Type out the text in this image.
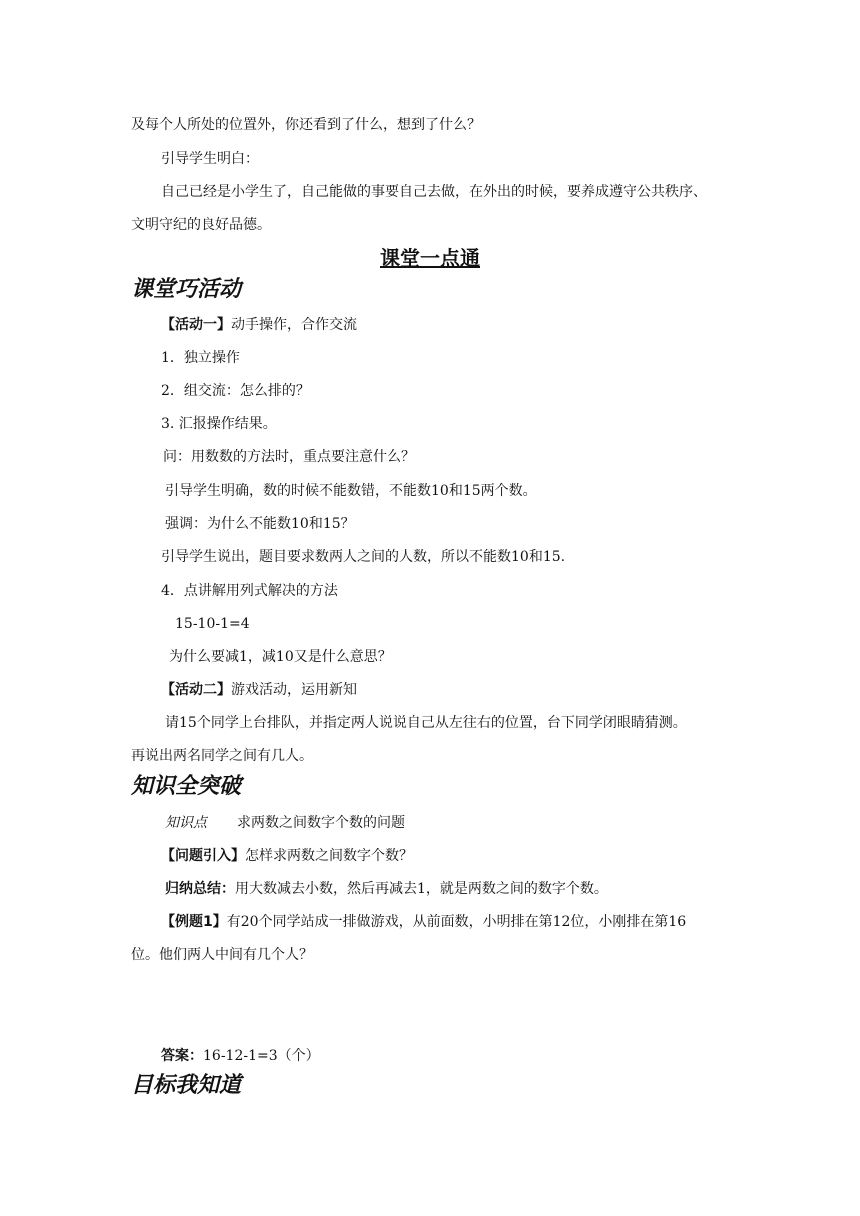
及每个人所处的位置外，你还看到了什么，想到了什么？
引导学生明白：
自己已经是小学生了，自己能做的事要自己去做，在外出的时候，要养成遵守公共秩序、
文明守纪的良好品德。
课堂一点通
课堂巧活动
【活动一】动手操作，合作交流
1．独立操作
2．组交流：怎么排的？
3. 汇报操作结果。
问：用数数的方法时，重点要注意什么？
引导学生明确，数的时候不能数错，不能数10和15两个数。
强调：为什么不能数10和15？
引导学生说出，题目要求数两人之间的人数，所以不能数10和15.
4．点讲解用列式解决的方法
15-10-1=4
为什么要减1，减10又是什么意思？
【活动二】游戏活动，运用新知
请15个同学上台排队，并指定两人说说自己从左往右的位置，台下同学闭眼睛猜测。
再说出两名同学之间有几人。
知识全突破
知识点 求两数之间数字个数的问题
【问题引入】怎样求两数之间数字个数？
归纳总结：用大数减去小数，然后再减去1，就是两数之间的数字个数。
【例题1】有20个同学站成一排做游戏，从前面数，小明排在第12位，小刚排在第16
位。他们两人中间有几个人？
答案：16-12-1=3（个）
目标我知道
